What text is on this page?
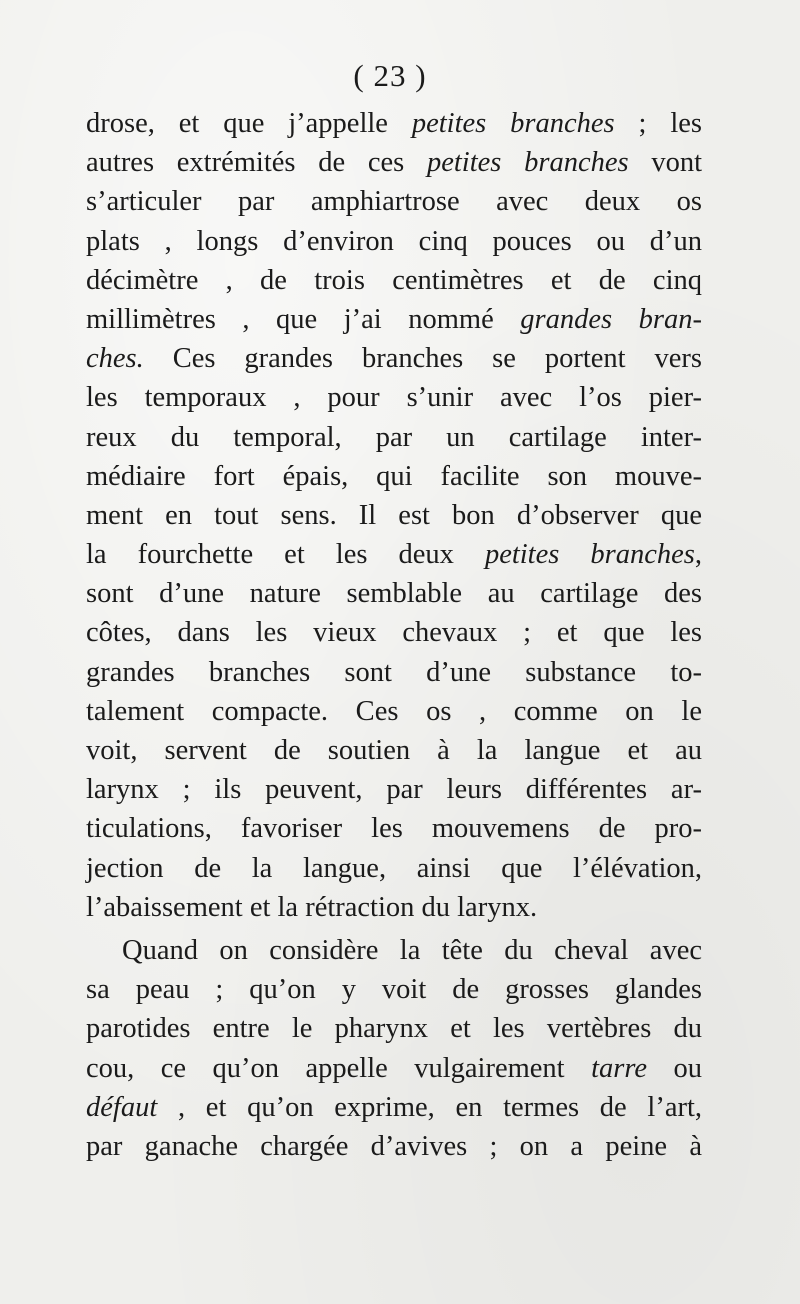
( 23 )
drose, et que j’appelle petites branches ; les
autres extrémités de ces petites branches vont
s’articuler par amphiartrose avec deux os
plats , longs d’environ cinq pouces ou d’un
décimètre , de trois centimètres et de cinq
millimètres , que j’ai nommé grandes bran-
ches. Ces grandes branches se portent vers
les temporaux , pour s’unir avec l’os pier-
reux du temporal, par un cartilage inter-
médiaire fort épais, qui facilite son mouve-
ment en tout sens. Il est bon d’observer que
la fourchette et les deux petites branches,
sont d’une nature semblable au cartilage des
côtes, dans les vieux chevaux ; et que les
grandes branches sont d’une substance to-
talement compacte. Ces os , comme on le
voit, servent de soutien à la langue et au
larynx ; ils peuvent, par leurs différentes ar-
ticulations, favoriser les mouvemens de pro-
jection de la langue, ainsi que l’élévation,
l’abaissement et la rétraction du larynx.
Quand on considère la tête du cheval avec
sa peau ; qu’on y voit de grosses glandes
parotides entre le pharynx et les vertèbres du
cou, ce qu’on appelle vulgairement tarre ou
défaut , et qu’on exprime, en termes de l’art,
par ganache chargée d’avives ; on a peine à
